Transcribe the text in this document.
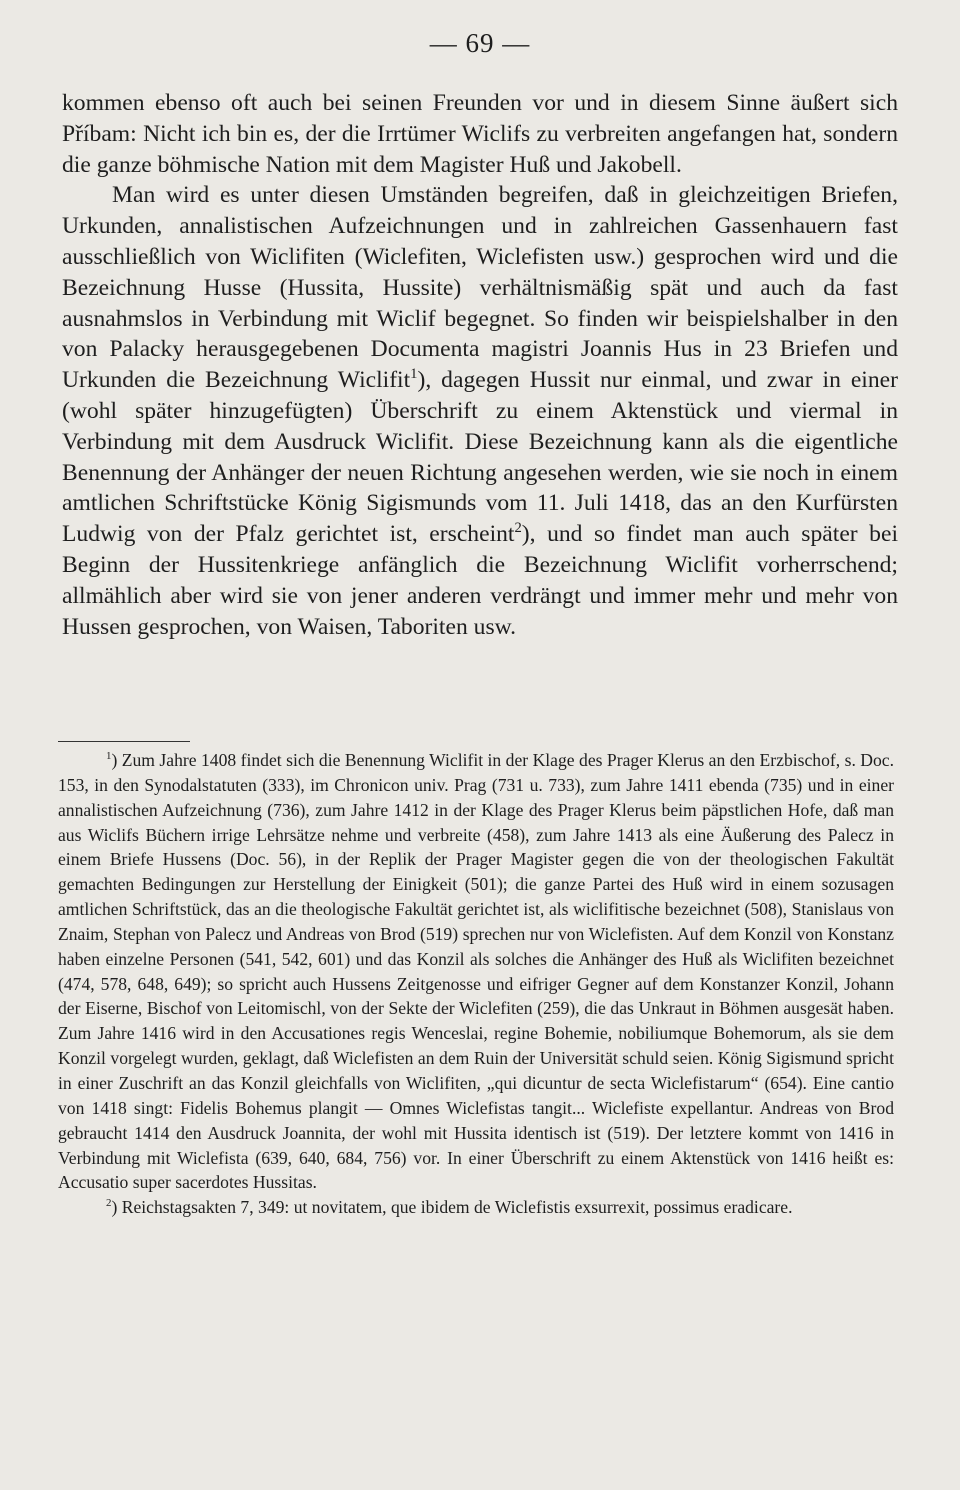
— 69 —

kommen ebenso oft auch bei seinen Freunden vor und in diesem Sinne äußert sich Příbam: Nicht ich bin es, der die Irrtümer Wiclifs zu verbreiten angefangen hat, sondern die ganze böhmische Nation mit dem Magister Huß und Jakobell.

Man wird es unter diesen Umständen begreifen, daß in gleichzeitigen Briefen, Urkunden, annalistischen Aufzeichnungen und in zahlreichen Gassenhauern fast ausschließlich von Wiclifiten (Wiclefiten, Wiclefisten usw.) gesprochen wird und die Bezeichnung Husse (Hussita, Hussite) verhältnismäßig spät und auch da fast ausnahmslos in Verbindung mit Wiclif begegnet. So finden wir beispielshalber in den von Palacky herausgegebenen Documenta magistri Joannis Hus in 23 Briefen und Urkunden die Bezeichnung Wiclifit$^1$), dagegen Hussit nur einmal, und zwar in einer (wohl später hinzugefügten) Überschrift zu einem Aktenstück und viermal in Verbindung mit dem Ausdruck Wiclifit. Diese Bezeichnung kann als die eigentliche Benennung der Anhänger der neuen Richtung angesehen werden, wie sie noch in einem amtlichen Schriftstücke König Sigismunds vom 11. Juli 1418, das an den Kurfürsten Ludwig von der Pfalz gerichtet ist, erscheint$^2$), und so findet man auch später bei Beginn der Hussitenkriege anfänglich die Bezeichnung Wiclifit vorherrschend; allmählich aber wird sie von jener anderen verdrängt und immer mehr und mehr von Hussen gesprochen, von Waisen, Taboriten usw.

$^1$) Zum Jahre 1408 findet sich die Benennung Wiclifit in der Klage des Prager Klerus an den Erzbischof, s. Doc. 153, in den Synodalstatuten (333), im Chronicon univ. Prag (731 u. 733), zum Jahre 1411 ebenda (735) und in einer annalistischen Aufzeichnung (736), zum Jahre 1412 in der Klage des Prager Klerus beim päpstlichen Hofe, daß man aus Wiclifs Büchern irrige Lehrsätze nehme und verbreite (458), zum Jahre 1413 als eine Äußerung des Palecz in einem Briefe Hussens (Doc. 56), in der Replik der Prager Magister gegen die von der theologischen Fakultät gemachten Bedingungen zur Herstellung der Einigkeit (501); die ganze Partei des Huß wird in einem sozusagen amtlichen Schriftstück, das an die theologische Fakultät gerichtet ist, als wiclifitische bezeichnet (508), Stanislaus von Znaim, Stephan von Palecz und Andreas von Brod (519) sprechen nur von Wiclefisten. Auf dem Konzil von Konstanz haben einzelne Personen (541, 542, 601) und das Konzil als solches die Anhänger des Huß als Wiclifiten bezeichnet (474, 578, 648, 649); so spricht auch Hussens Zeitgenosse und eifriger Gegner auf dem Konstanzer Konzil, Johann der Eiserne, Bischof von Leitomischl, von der Sekte der Wiclefiten (259), die das Unkraut in Böhmen ausgesät haben. Zum Jahre 1416 wird in den Accusationes regis Wenceslai, regine Bohemie, nobiliumque Bohemorum, als sie dem Konzil vorgelegt wurden, geklagt, daß Wiclefisten an dem Ruin der Universität schuld seien. König Sigismund spricht in einer Zuschrift an das Konzil gleichfalls von Wiclifiten, „qui dicuntur de secta Wiclefistarum“ (654). Eine cantio von 1418 singt: Fidelis Bohemus plangit — Omnes Wiclefistas tangit... Wiclefiste expellantur. Andreas von Brod gebraucht 1414 den Ausdruck Joannita, der wohl mit Hussita identisch ist (519). Der letztere kommt von 1416 in Verbindung mit Wiclefista (639, 640, 684, 756) vor. In einer Überschrift zu einem Aktenstück von 1416 heißt es: Accusatio super sacerdotes Hussitas.

$^2$) Reichstagsakten 7, 349: ut novitatem, que ibidem de Wiclefistis exsurrexit, possimus eradicare.
